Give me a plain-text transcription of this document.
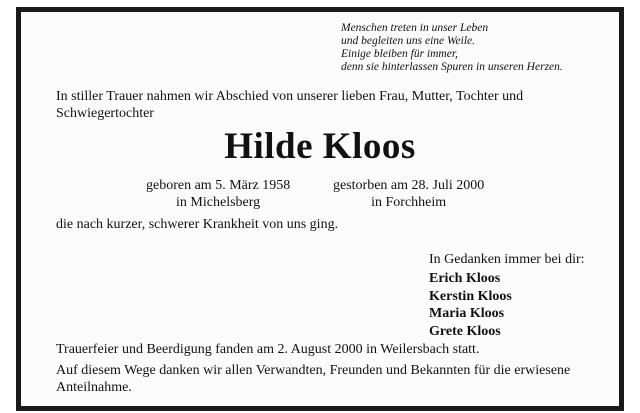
Menschen treten in unser Leben
und begleiten uns eine Weile.
Einige bleiben für immer,
denn sie hinterlassen Spuren in unseren Herzen.
In stiller Trauer nahmen wir Abschied von unserer lieben Frau, Mutter, Tochter und Schwiegertochter
Hilde Kloos
geboren am 5. März 1958
in Michelsberg
gestorben am 28. Juli 2000
in Forchheim
die nach kurzer, schwerer Krankheit von uns ging.
In Gedanken immer bei dir:
Erich Kloos
Kerstin Kloos
Maria Kloos
Grete Kloos
Trauerfeier und Beerdigung fanden am 2. August 2000 in Weilersbach statt.
Auf diesem Wege danken wir allen Verwandten, Freunden und Bekannten für die erwiesene Anteilnahme.
